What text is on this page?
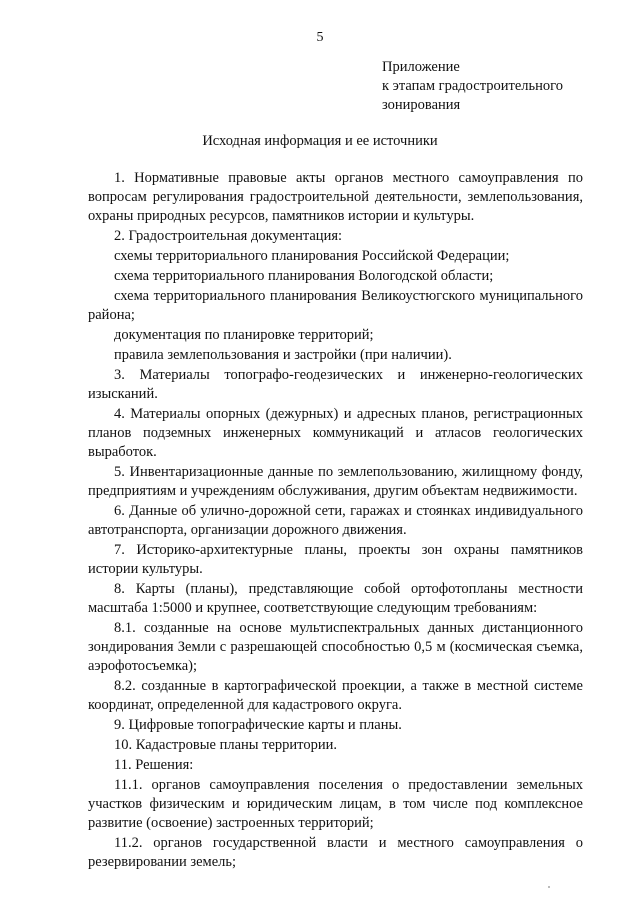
5
Приложение
к этапам градостроительного
зонирования
Исходная информация и ее источники

1. Нормативные правовые акты органов местного самоуправления по вопросам регулирования градостроительной деятельности, землепользования, охраны природных ресурсов, памятников истории и культуры.

2. Градостроительная документация:

схемы территориального планирования Российской Федерации;

схема территориального планирования Вологодской области;

схема территориального планирования Великоустюгского муниципального района;

документация по планировке территорий;

правила землепользования и застройки (при наличии).

3. Материалы топографо-геодезических и инженерно-геологических изысканий.

4. Материалы опорных (дежурных) и адресных планов, регистрационных планов подземных инженерных коммуникаций и атласов геологических выработок.

5. Инвентаризационные данные по землепользованию, жилищному фонду, предприятиям и учреждениям обслуживания, другим объектам недвижимости.

6. Данные об улично-дорожной сети, гаражах и стоянках индивидуального автотранспорта, организации дорожного движения.

7. Историко-архитектурные планы, проекты зон охраны памятников истории культуры.

8. Карты (планы), представляющие собой ортофотопланы местности масштаба 1:5000 и крупнее, соответствующие следующим требованиям:

8.1. созданные на основе мультиспектральных данных дистанционного зондирования Земли с разрешающей способностью 0,5 м (космическая съемка, аэрофотосъемка);

8.2. созданные в картографической проекции, а также в местной системе координат, определенной для кадастрового округа.

9. Цифровые топографические карты и планы.

10. Кадастровые планы территории.

11. Решения:

11.1. органов самоуправления поселения о предоставлении земельных участков физическим и юридическим лицам, в том числе под комплексное развитие (освоение) застроенных территорий;

11.2. органов государственной власти и местного самоуправления о резервировании земель;
